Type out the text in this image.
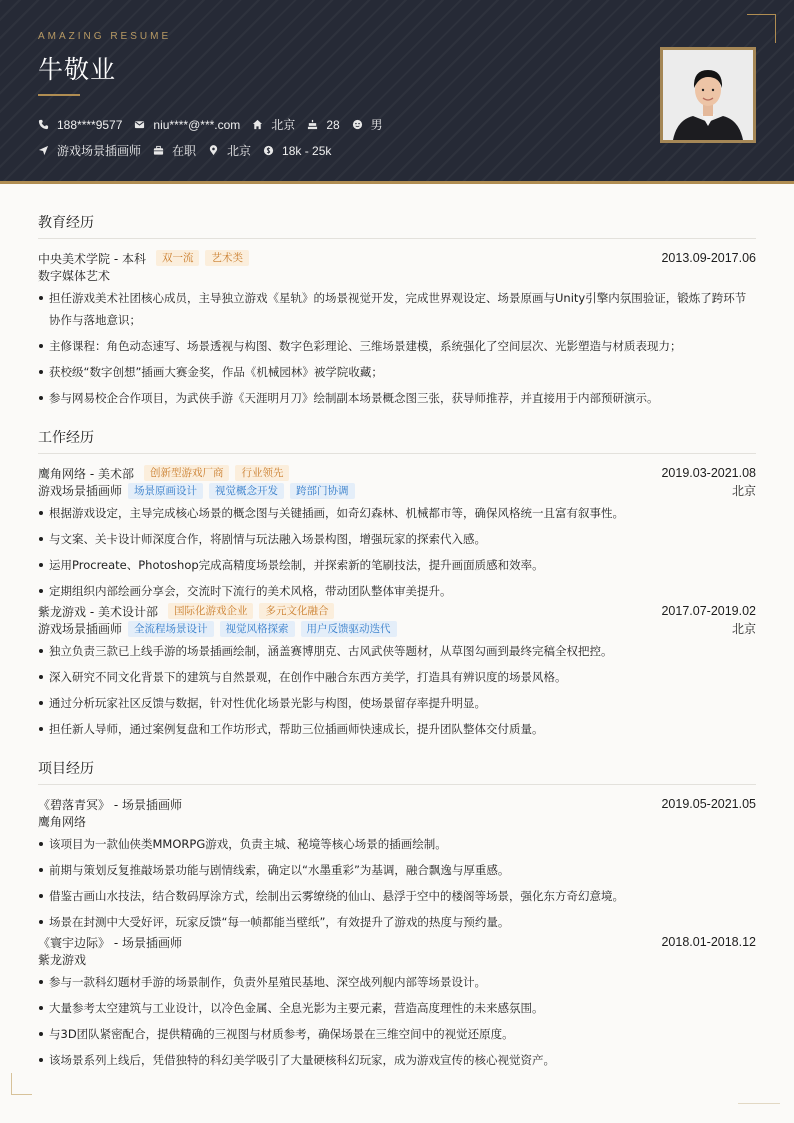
AMAZING RESUME
牛敬业
188****9577	niu****@***.com	北京	28	男
游戏场景插画师	在职	北京	18k - 25k
教育经历
中央美术学院 - 本科	双一流	艺术类	2013.09-2017.06
数字媒体艺术
担任游戏美术社团核心成员，主导独立游戏《星轨》的场景视觉开发，完成世界观设定、场景原画与Unity引擎内氛围验证，锻炼了跨环节协作与落地意识；
主修课程：角色动态速写、场景透视与构图、数字色彩理论、三维场景建模，系统强化了空间层次、光影塑造与材质表现力；
获校级“数字创想”插画大赛金奖，作品《机械园林》被学院收藏；
参与网易校企合作项目，为武侠手游《天涯明月刀》绘制副本场景概念图三张，获导师推荐，并直接用于内部预研演示。
工作经历
鹰角网络 - 美术部	创新型游戏厂商	行业领先	2019.03-2021.08
游戏场景插画师	场景原画设计	视觉概念开发	跨部门协调	北京
根据游戏设定，主导完成核心场景的概念图与关键插画，如奇幻森林、机械都市等，确保风格统一且富有叙事性。
与文案、关卡设计师深度合作，将剧情与玩法融入场景构图，增强玩家的探索代入感。
运用Procreate、Photoshop完成高精度场景绘制，并探索新的笔刷技法，提升画面质感和效率。
定期组织内部绘画分享会，交流时下流行的美术风格，带动团队整体审美提升。
紫龙游戏 - 美术设计部	国际化游戏企业	多元文化融合	2017.07-2019.02
游戏场景插画师	全流程场景设计	视觉风格探索	用户反馈驱动迭代	北京
独立负责三款已上线手游的场景插画绘制，涵盖赛博朋克、古风武侠等题材，从草图勾画到最终完稿全权把控。
深入研究不同文化背景下的建筑与自然景观，在创作中融合东西方美学，打造具有辨识度的场景风格。
通过分析玩家社区反馈与数据，针对性优化场景光影与构图，使场景留存率提升明显。
担任新人导师，通过案例复盘和工作坊形式，帮助三位插画师快速成长，提升团队整体交付质量。
项目经历
《碧落青冥》 - 场景插画师	2019.05-2021.05
鹰角网络
该项目为一款仙侠类MMORPG游戏，负责主城、秘境等核心场景的插画绘制。
前期与策划反复推敲场景功能与剧情线索，确定以“水墨重彩”为基调，融合飘逸与厚重感。
借鉴古画山水技法，结合数码厚涂方式，绘制出云雾缭绕的仙山、悬浮于空中的楼阁等场景，强化东方奇幻意境。
场景在封测中大受好评，玩家反馈“每一帧都能当壁纸”，有效提升了游戏的热度与预约量。
《寰宇边际》 - 场景插画师	2018.01-2018.12
紫龙游戏
参与一款科幻题材手游的场景制作，负责外星殖民基地、深空战列舰内部等场景设计。
大量参考太空建筑与工业设计，以冷色金属、全息光影为主要元素，营造高度理性的未来感氛围。
与3D团队紧密配合，提供精确的三视图与材质参考，确保场景在三维空间中的视觉还原度。
该场景系列上线后，凭借独特的科幻美学吸引了大量硬核科幻玩家，成为游戏宣传的核心视觉资产。
